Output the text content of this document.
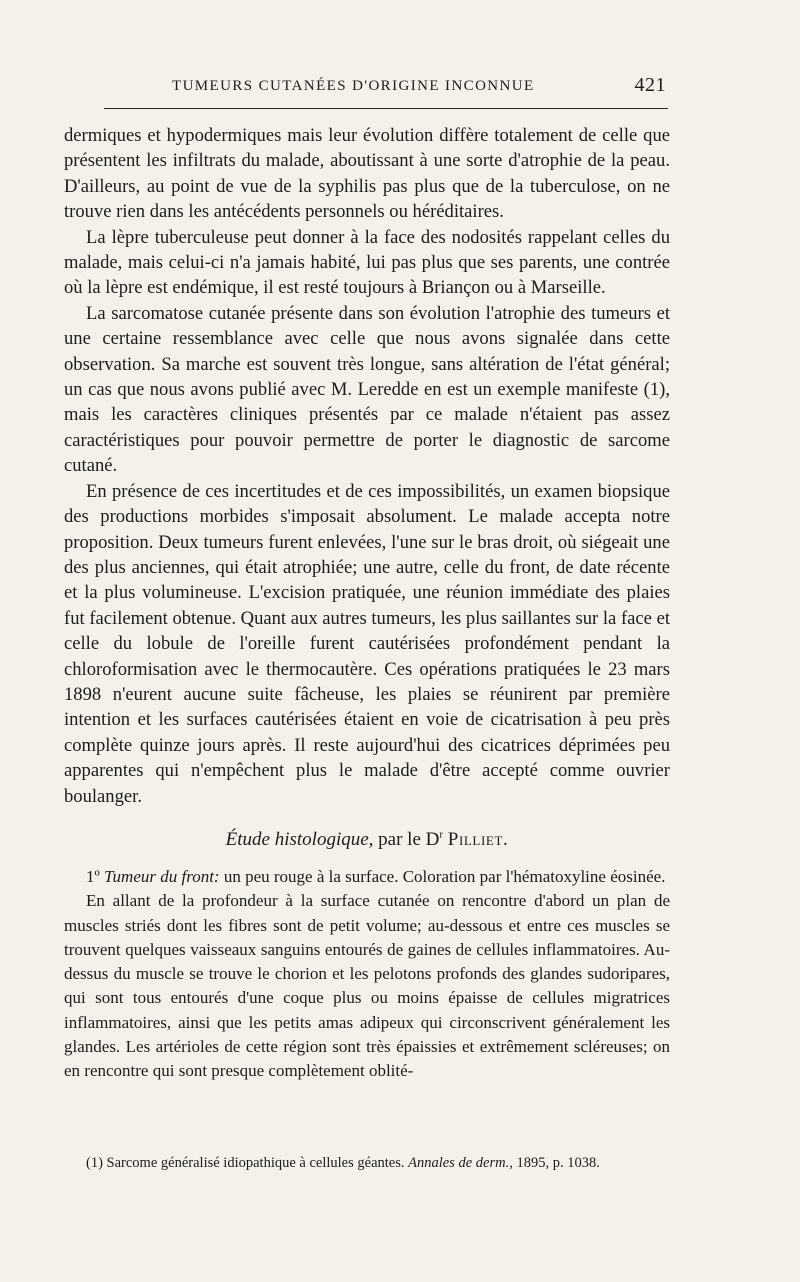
TUMEURS CUTANÉES D'ORIGINE INCONNUE	421

dermiques et hypodermiques mais leur évolution diffère totalement de celle que présentent les infiltrats du malade, aboutissant à une sorte d'atrophie de la peau. D'ailleurs, au point de vue de la syphilis pas plus que de la tuberculose, on ne trouve rien dans les antécédents personnels ou héréditaires.

La lèpre tuberculeuse peut donner à la face des nodosités rappelant celles du malade, mais celui-ci n'a jamais habité, lui pas plus que ses parents, une contrée où la lèpre est endémique, il est resté toujours à Briançon ou à Marseille.

La sarcomatose cutanée présente dans son évolution l'atrophie des tumeurs et une certaine ressemblance avec celle que nous avons signalée dans cette observation. Sa marche est souvent très longue, sans altération de l'état général; un cas que nous avons publié avec M. Leredde en est un exemple manifeste (1), mais les caractères cliniques présentés par ce malade n'étaient pas assez caractéristiques pour pouvoir permettre de porter le diagnostic de sarcome cutané.

En présence de ces incertitudes et de ces impossibilités, un examen biopsique des productions morbides s'imposait absolument. Le malade accepta notre proposition. Deux tumeurs furent enlevées, l'une sur le bras droit, où siégeait une des plus anciennes, qui était atrophiée; une autre, celle du front, de date récente et la plus volumineuse. L'excision pratiquée, une réunion immédiate des plaies fut facilement obtenue. Quant aux autres tumeurs, les plus saillantes sur la face et celle du lobule de l'oreille furent cautérisées profondément pendant la chloroformisation avec le thermocautère. Ces opérations pratiquées le 23 mars 1898 n'eurent aucune suite fâcheuse, les plaies se réunirent par première intention et les surfaces cautérisées étaient en voie de cicatrisation à peu près complète quinze jours après. Il reste aujourd'hui des cicatrices déprimées peu apparentes qui n'empêchent plus le malade d'être accepté comme ouvrier boulanger.

Étude histologique, par le $D^r$ Pilliet.

1º Tumeur du front: un peu rouge à la surface. Coloration par l'hématoxyline éosinée.

En allant de la profondeur à la surface cutanée on rencontre d'abord un plan de muscles striés dont les fibres sont de petit volume; au-dessous et entre ces muscles se trouvent quelques vaisseaux sanguins entourés de gaines de cellules inflammatoires. Au-dessus du muscle se trouve le chorion et les pelotons profonds des glandes sudoripares, qui sont tous entourés d'une coque plus ou moins épaisse de cellules migratrices inflammatoires, ainsi que les petits amas adipeux qui circonscrivent généralement les glandes. Les artérioles de cette région sont très épaissies et extrêmement scléreuses; on en rencontre qui sont presque complètement oblité-

(1) Sarcome généralisé idiopathique à cellules géantes. Annales de derm., 1895, p. 1038.
